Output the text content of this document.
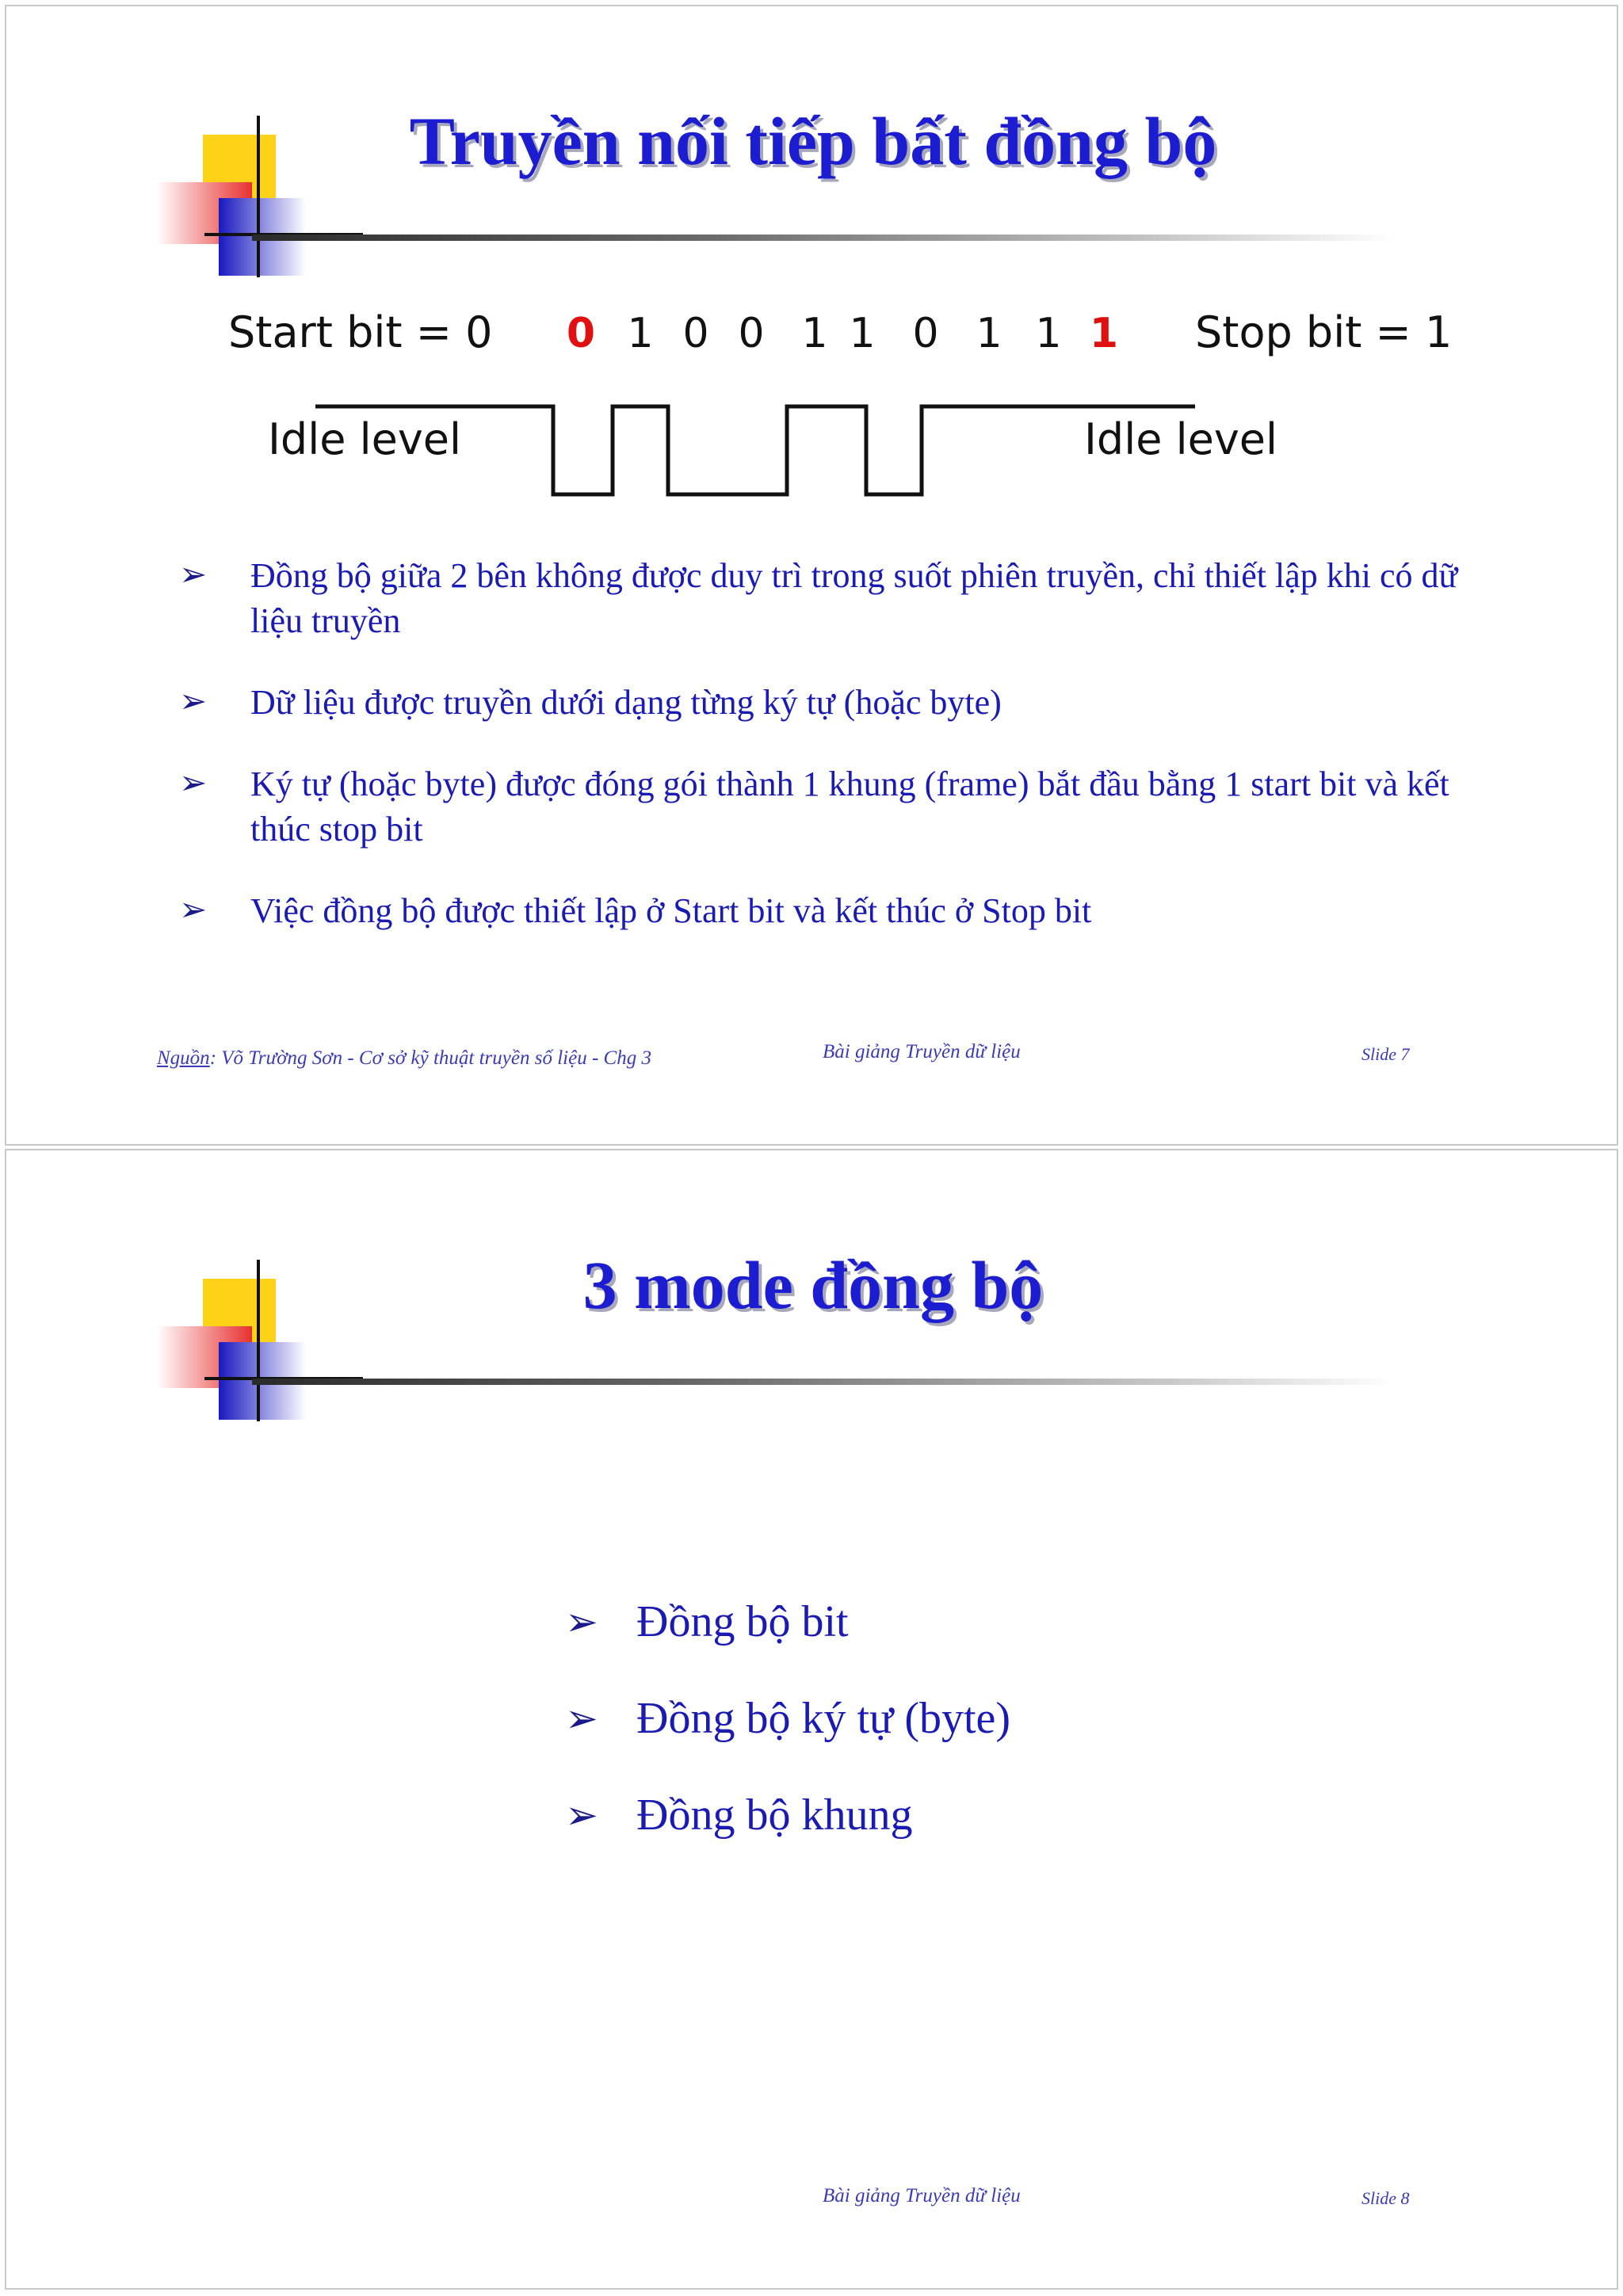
Truyền nối tiếp bất đồng bộ
Start bit = 0	Stop bit = 1
0 1 0 0 1 1 0 1 1 1
Idle level	Idle level
➢ Đồng bộ giữa 2 bên không được duy trì trong suốt phiên truyền, chỉ thiết lập khi có dữ liệu truyền
➢ Dữ liệu được truyền dưới dạng từng ký tự (hoặc byte)
➢ Ký tự (hoặc byte) được đóng gói thành 1 khung (frame) bắt đầu bằng 1 start bit và kết thúc stop bit
➢ Việc đồng bộ được thiết lập ở Start bit và kết thúc ở Stop bit
Nguồn: Võ Trường Sơn - Cơ sở kỹ thuật truyền số liệu - Chg 3	Bài giảng Truyền dữ liệu	Slide 7
3 mode đồng bộ
➢ Đồng bộ bit
➢ Đồng bộ ký tự (byte)
➢ Đồng bộ khung
Bài giảng Truyền dữ liệu	Slide 8
